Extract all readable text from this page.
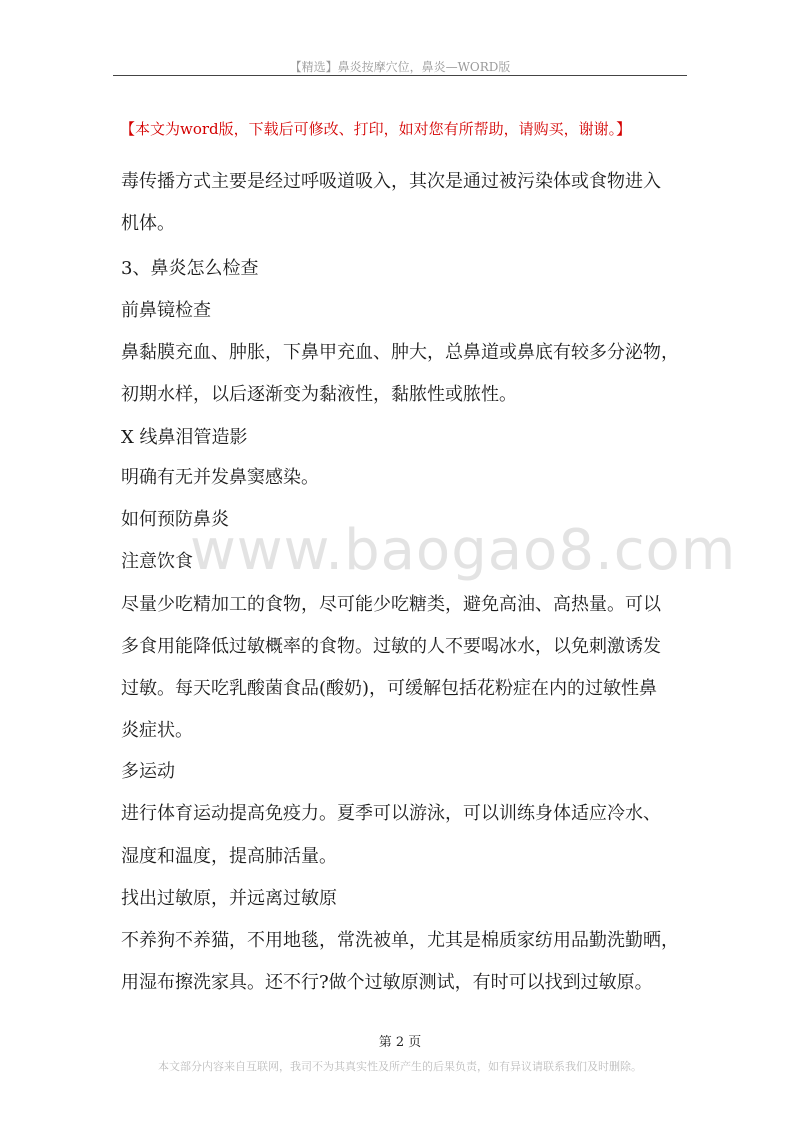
【精选】鼻炎按摩穴位，鼻炎—WORD版
【本文为word版，下载后可修改、打印，如对您有所帮助，请购买，谢谢。】
毒传播方式主要是经过呼吸道吸入，其次是通过被污染体或食物进入
机体。
3、鼻炎怎么检查
前鼻镜检查
鼻黏膜充血、肿胀，下鼻甲充血、肿大，总鼻道或鼻底有较多分泌物，
初期水样，以后逐渐变为黏液性，黏脓性或脓性。
X 线鼻泪管造影
明确有无并发鼻窦感染。
如何预防鼻炎
注意饮食
尽量少吃精加工的食物，尽可能少吃糖类，避免高油、高热量。可以
多食用能降低过敏概率的食物。过敏的人不要喝冰水，以免刺激诱发
过敏。每天吃乳酸菌食品(酸奶)，可缓解包括花粉症在内的过敏性鼻
炎症状。
多运动
进行体育运动提高免疫力。夏季可以游泳，可以训练身体适应冷水、
湿度和温度，提高肺活量。
找出过敏原，并远离过敏原
不养狗不养猫，不用地毯，常洗被单，尤其是棉质家纺用品勤洗勤晒，
用湿布擦洗家具。还不行?做个过敏原测试，有时可以找到过敏原。
www.baogao8.com
第 2 页
本文部分内容来自互联网，我司不为其真实性及所产生的后果负责，如有异议请联系我们及时删除。
